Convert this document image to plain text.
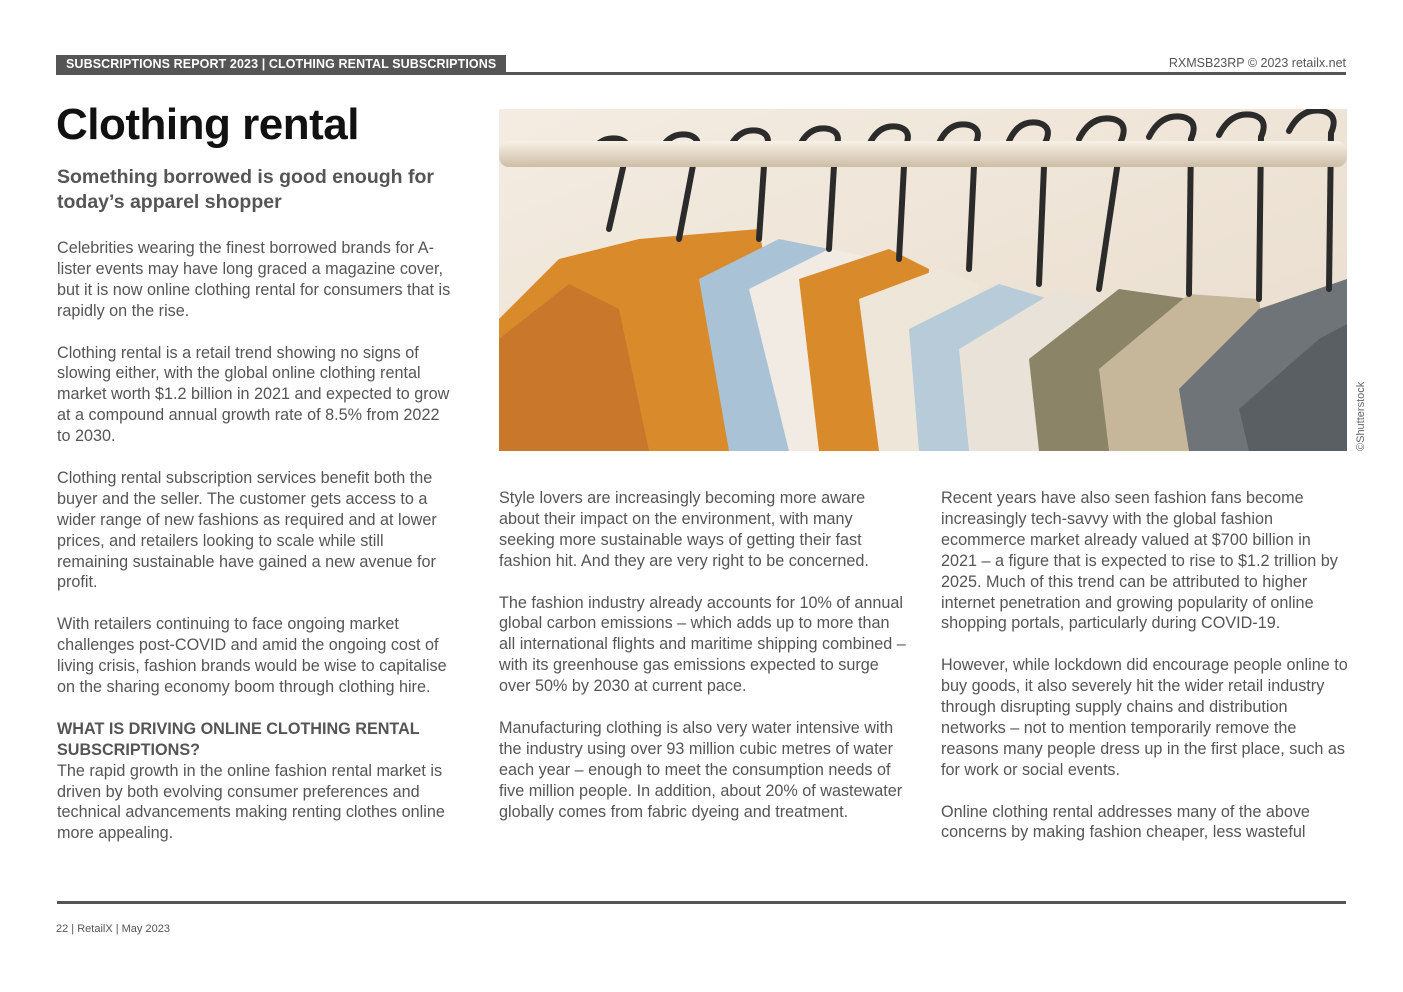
SUBSCRIPTIONS REPORT 2023 | CLOTHING RENTAL SUBSCRIPTIONS	RXMSB23RP © 2023 retailx.net
Clothing rental
Something borrowed is good enough for today’s apparel shopper

Celebrities wearing the finest borrowed brands for A-lister events may have long graced a magazine cover, but it is now online clothing rental for consumers that is rapidly on the rise.

Clothing rental is a retail trend showing no signs of slowing either, with the global online clothing rental market worth $1.2 billion in 2021 and expected to grow at a compound annual growth rate of 8.5% from 2022 to 2030.

Clothing rental subscription services benefit both the buyer and the seller. The customer gets access to a wider range of new fashions as required and at lower prices, and retailers looking to scale while still remaining sustainable have gained a new avenue for profit.

With retailers continuing to face ongoing market challenges post-COVID and amid the ongoing cost of living crisis, fashion brands would be wise to capitalise on the sharing economy boom through clothing hire.

WHAT IS DRIVING ONLINE CLOTHING RENTAL SUBSCRIPTIONS?

The rapid growth in the online fashion rental market is driven by both evolving consumer preferences and technical advancements making renting clothes online more appealing.

©Shutterstock

Style lovers are increasingly becoming more aware about their impact on the environment, with many seeking more sustainable ways of getting their fast fashion hit. And they are very right to be concerned.

The fashion industry already accounts for 10% of annual global carbon emissions – which adds up to more than all international flights and maritime shipping combined – with its greenhouse gas emissions expected to surge over 50% by 2030 at current pace.

Manufacturing clothing is also very water intensive with the industry using over 93 million cubic metres of water each year – enough to meet the consumption needs of five million people. In addition, about 20% of wastewater globally comes from fabric dyeing and treatment.

Recent years have also seen fashion fans become increasingly tech-savvy with the global fashion ecommerce market already valued at $700 billion in 2021 – a figure that is expected to rise to $1.2 trillion by 2025. Much of this trend can be attributed to higher internet penetration and growing popularity of online shopping portals, particularly during COVID-19.

However, while lockdown did encourage people online to buy goods, it also severely hit the wider retail industry through disrupting supply chains and distribution networks – not to mention temporarily remove the reasons many people dress up in the first place, such as for work or social events.

Online clothing rental addresses many of the above concerns by making fashion cheaper, less wasteful

22 | RetailX | May 2023
